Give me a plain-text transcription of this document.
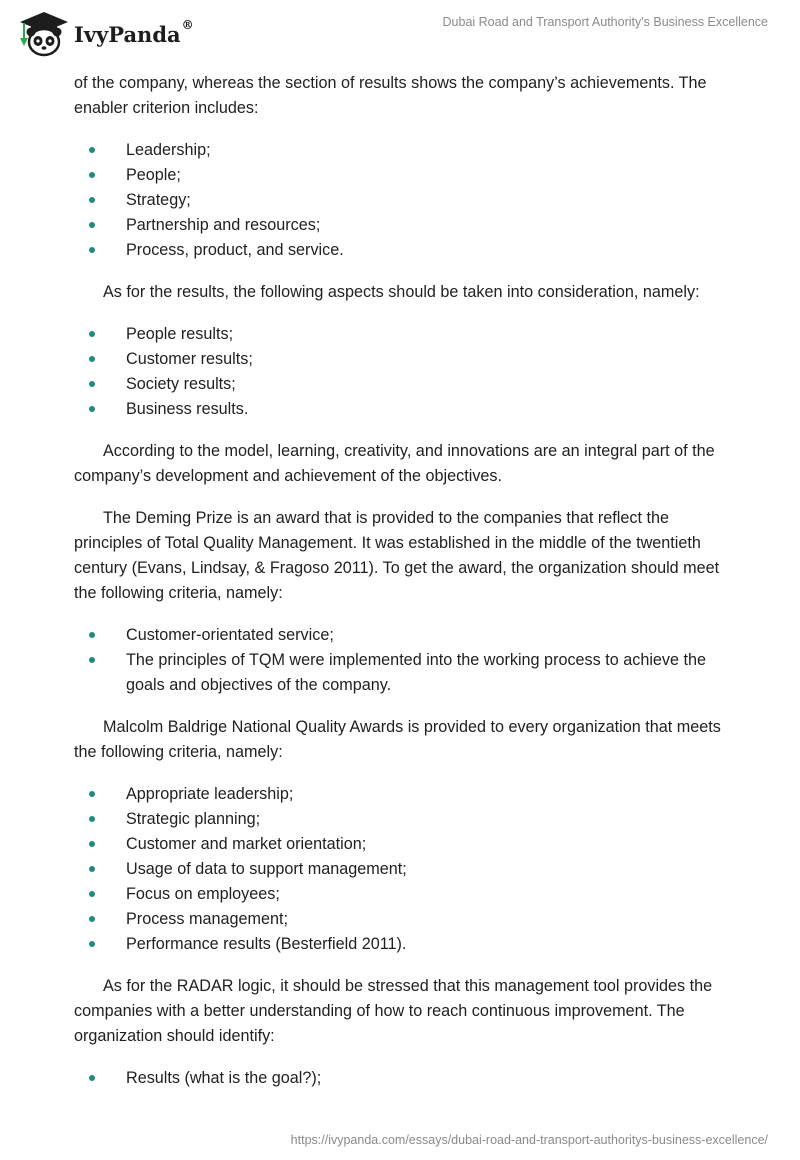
IvyPanda®	Dubai Road and Transport Authority's Business Excellence

of the company, whereas the section of results shows the company’s achievements. The enabler criterion includes:

Leadership;
People;
Strategy;
Partnership and resources;
Process, product, and service.

As for the results, the following aspects should be taken into consideration, namely:

People results;
Customer results;
Society results;
Business results.

According to the model, learning, creativity, and innovations are an integral part of the company’s development and achievement of the objectives.

The Deming Prize is an award that is provided to the companies that reflect the principles of Total Quality Management. It was established in the middle of the twentieth century (Evans, Lindsay, & Fragoso 2011). To get the award, the organization should meet the following criteria, namely:

Customer-orientated service;
The principles of TQM were implemented into the working process to achieve the goals and objectives of the company.

Malcolm Baldrige National Quality Awards is provided to every organization that meets the following criteria, namely:

Appropriate leadership;
Strategic planning;
Customer and market orientation;
Usage of data to support management;
Focus on employees;
Process management;
Performance results (Besterfield 2011).

As for the RADAR logic, it should be stressed that this management tool provides the companies with a better understanding of how to reach continuous improvement. The organization should identify:

Results (what is the goal?);
https://ivypanda.com/essays/dubai-road-and-transport-authoritys-business-excellence/
